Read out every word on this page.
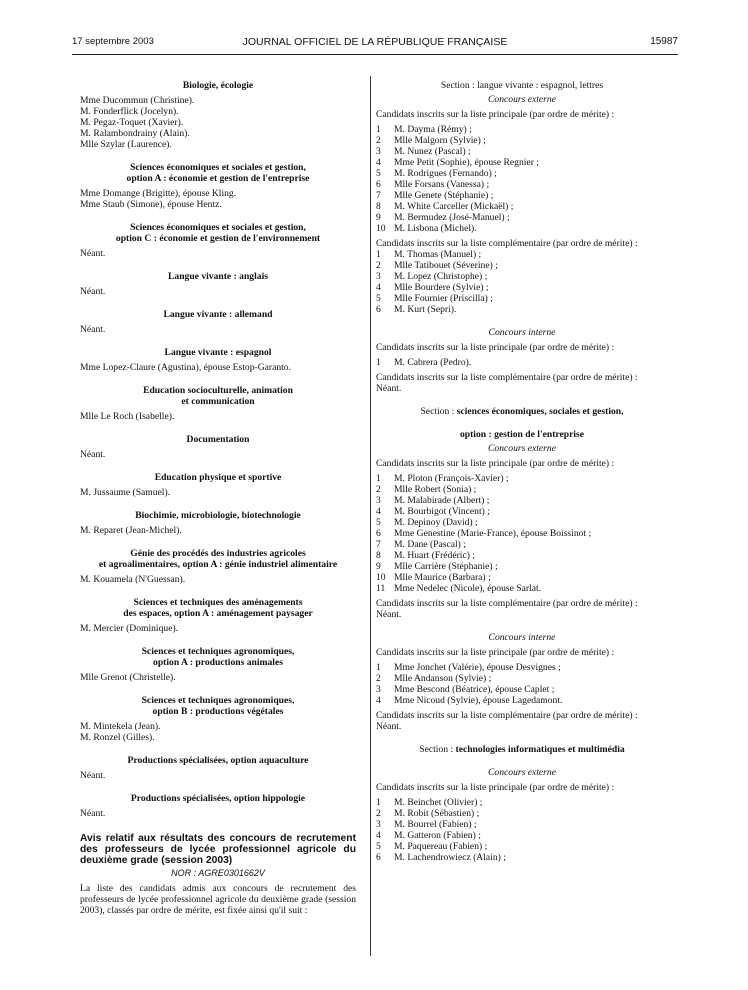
17 septembre 2003	JOURNAL OFFICIEL DE LA RÉPUBLIQUE FRANÇAISE	15987

Biologie, écologie

Mme Ducommun (Christine).

M. Fonderflick (Jocelyn).

M. Pegaz-Toquet (Xavier).

M. Ralambondrainy (Alain).

Mlle Szylar (Laurence).

Sciences économiques et sociales et gestion,

option A : économie et gestion de l'entreprise

Mme Domange (Brigitte), épouse Kling.

Mme Staub (Simone), épouse Hentz.

Sciences économiques et sociales et gestion,

option C : économie et gestion de l'environnement

Néant.

Langue vivante : anglais

Néant.

Langue vivante : allemand

Néant.

Langue vivante : espagnol

Mme Lopez-Claure (Agustina), épouse Estop-Garanto.

Education socioculturelle, animation

et communication

Mlle Le Roch (Isabelle).

Documentation

Néant.

Education physique et sportive

M. Jussaume (Samuel).

Biochimie, microbiologie, biotechnologie

M. Reparet (Jean-Michel).

Génie des procédés des industries agricoles

et agroalimentaires, option A : génie industriel alimentaire

M. Kouamela (N'Guessan).

Sciences et techniques des aménagements

des espaces, option A : aménagement paysager

M. Mercier (Dominique).

Sciences et techniques agronomiques,

option A : productions animales

Mlle Grenot (Christelle).

Sciences et techniques agronomiques,

option B : productions végétales

M. Mintekela (Jean).

M. Ronzel (Gilles).

Productions spécialisées, option aquaculture

Néant.

Productions spécialisées, option hippologie

Néant.

Avis relatif aux résultats des concours de recrutement des professeurs de lycée professionnel agricole du deuxième grade (session 2003)

NOR : AGRE0301662V

La liste des candidats admis aux concours de recrutement des professeurs de lycée professionnel agricole du deuxième grade (session 2003), classés par ordre de mérite, est fixée ainsi qu'il suit :

Section : langue vivante : espagnol, lettres

Concours externe

Candidats inscrits sur la liste principale (par ordre de mérite) :

1 M. Dayma (Rémy) ;

2 Mlle Malgorn (Sylvie) ;

3 M. Nunez (Pascal) ;

4 Mme Petit (Sophie), épouse Regnier ;

5 M. Rodrigues (Fernando) ;

6 Mlle Forsans (Vanessa) ;

7 Mlle Genete (Stéphanie) ;

8 M. White Carceller (Mickaël) ;

9 M. Bermudez (José-Manuel) ;

10 M. Lisbona (Michel).

Candidats inscrits sur la liste complémentaire (par ordre de mérite) :

1 M. Thomas (Manuel) ;

2 Mlle Tatibouet (Séverine) ;

3 M. Lopez (Christophe) ;

4 Mlle Bourdere (Sylvie) ;

5 Mlle Fournier (Priscilla) ;

6 M. Kurt (Sepri).

Concours interne

Candidats inscrits sur la liste principale (par ordre de mérite) :

1 M. Cabrera (Pedro).

Candidats inscrits sur la liste complémentaire (par ordre de mérite) :

Néant.

Section : sciences économiques, sociales et gestion,

option : gestion de l'entreprise

Concours externe

Candidats inscrits sur la liste principale (par ordre de mérite) :

1 M. Ploton (François-Xavier) ;

2 Mlle Robert (Sonia) ;

3 M. Malabirade (Albert) ;

4 M. Bourbigot (Vincent) ;

5 M. Depinoy (David) ;

6 Mme Genestine (Marie-France), épouse Boissinot ;

7 M. Dane (Pascal) ;

8 M. Huart (Frédéric) ;

9 Mlle Carrière (Stéphanie) ;

10 Mlle Maurice (Barbara) ;

11 Mme Nedelec (Nicole), épouse Sarlat.

Candidats inscrits sur la liste complémentaire (par ordre de mérite) :

Néant.

Concours interne

Candidats inscrits sur la liste principale (par ordre de mérite) :

1 Mme Jonchet (Valérie), épouse Desvignes ;

2 Mlle Andanson (Sylvie) ;

3 Mme Bescond (Béatrice), épouse Caplet ;

4 Mme Nicoud (Sylvie), épouse Lagedamont.

Candidats inscrits sur la liste complémentaire (par ordre de mérite) :

Néant.

Section : technologies informatiques et multimédia

Concours externe

Candidats inscrits sur la liste principale (par ordre de mérite) :

1 M. Beinchet (Olivier) ;

2 M. Robit (Sébastien) ;

3 M. Bourrel (Fabien) ;

4 M. Gatteron (Fabien) ;

5 M. Paquereau (Fabien) ;

6 M. Lachendrowiecz (Alain) ;
